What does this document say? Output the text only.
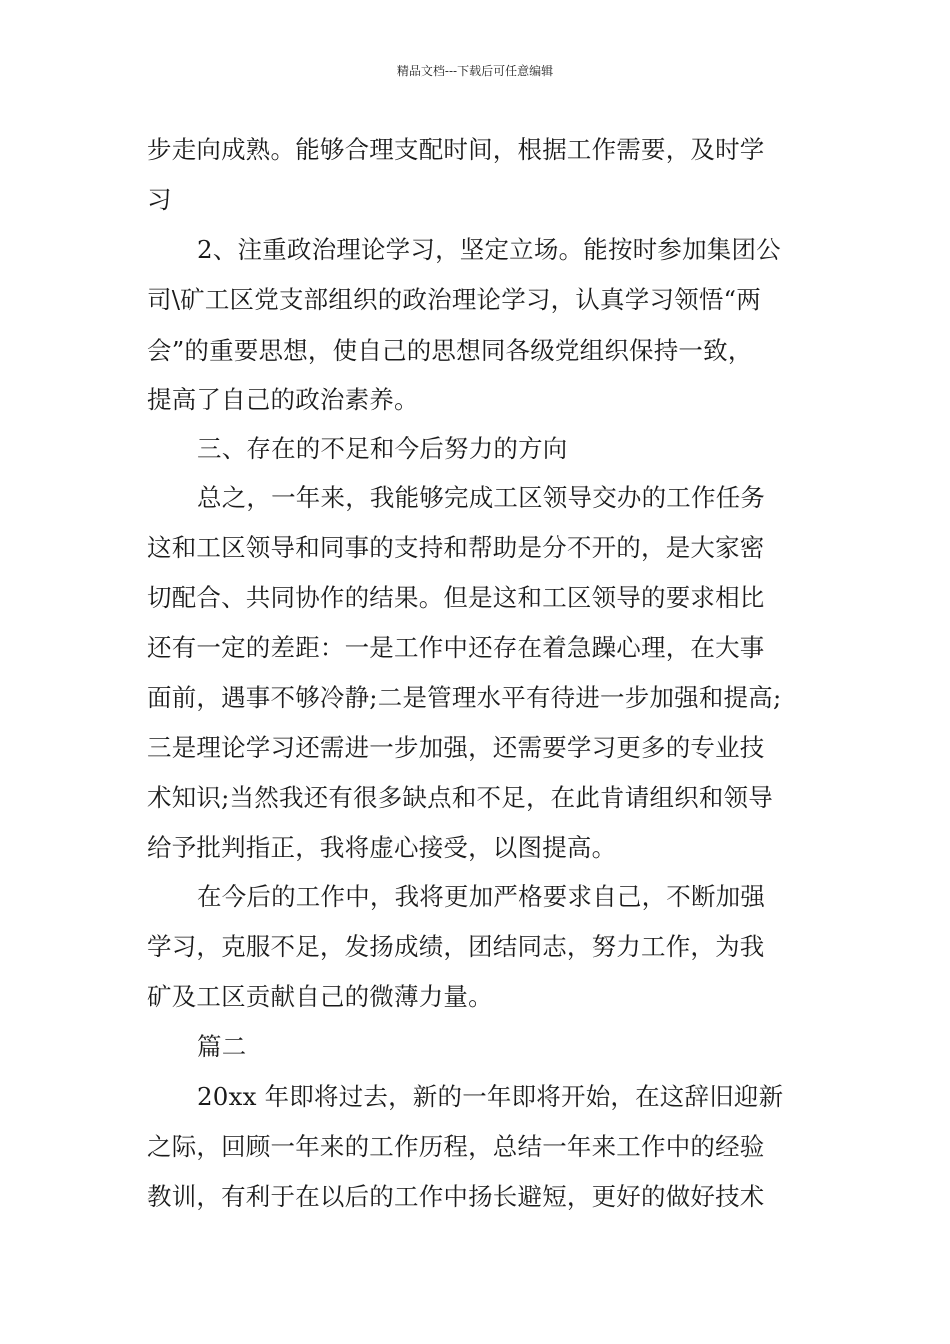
精品文档---下载后可任意编辑
步走向成熟。能够合理支配时间，根据工作需要，及时学
习
2、注重政治理论学习，坚定立场。能按时参加集团公
司\矿工区党支部组织的政治理论学习，认真学习领悟“两
会”的重要思想，使自己的思想同各级党组织保持一致，
提高了自己的政治素养。
三、存在的不足和今后努力的方向
总之，一年来，我能够完成工区领导交办的工作任务
这和工区领导和同事的支持和帮助是分不开的，是大家密
切配合、共同协作的结果。但是这和工区领导的要求相比
还有一定的差距：一是工作中还存在着急躁心理，在大事
面前，遇事不够冷静;二是管理水平有待进一步加强和提高;
三是理论学习还需进一步加强，还需要学习更多的专业技
术知识;当然我还有很多缺点和不足，在此肯请组织和领导
给予批判指正，我将虚心接受，以图提高。
在今后的工作中，我将更加严格要求自己，不断加强
学习，克服不足，发扬成绩，团结同志，努力工作，为我
矿及工区贡献自己的微薄力量。
篇二
20xx 年即将过去，新的一年即将开始，在这辞旧迎新
之际，回顾一年来的工作历程，总结一年来工作中的经验
教训，有利于在以后的工作中扬长避短，更好的做好技术
